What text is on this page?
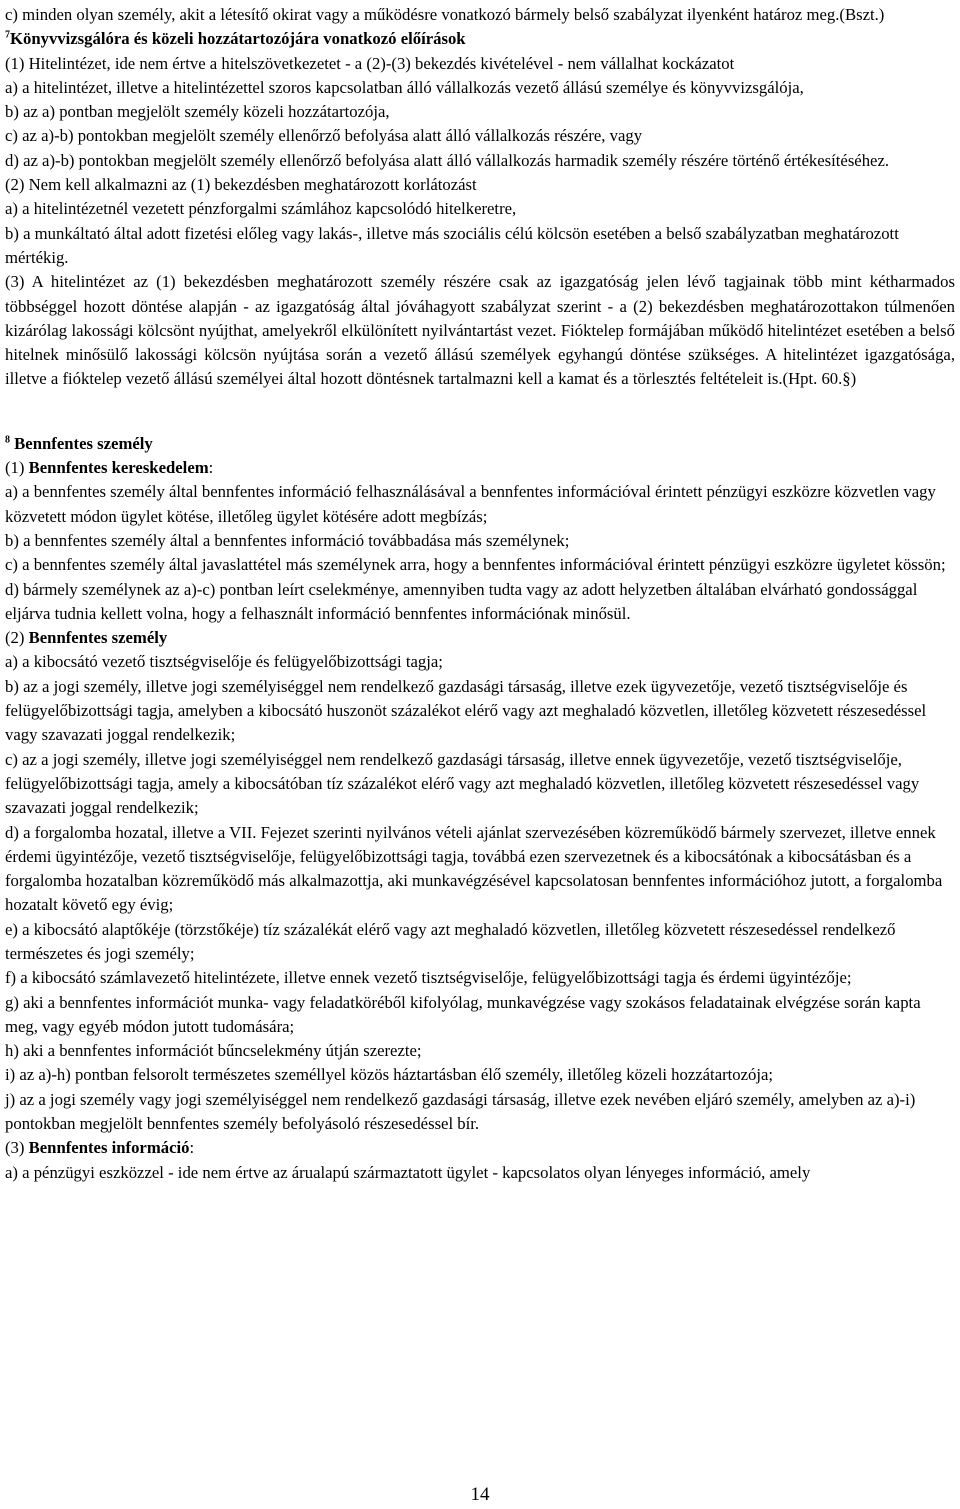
c) minden olyan személy, akit a létesítő okirat vagy a működésre vonatkozó bármely belső szabályzat ilyenként határoz meg.(Bszt.)

$^7$Könyvvizsgálóra és közeli hozzátartozójára vonatkozó előírások

(1) Hitelintézet, ide nem értve a hitelszövetkezetet - a (2)-(3) bekezdés kivételével - nem vállalhat kockázatot

a) a hitelintézet, illetve a hitelintézettel szoros kapcsolatban álló vállalkozás vezető állású személye és könyvvizsgálója,

b) az a) pontban megjelölt személy közeli hozzátartozója,

c) az a)-b) pontokban megjelölt személy ellenőrző befolyása alatt álló vállalkozás részére, vagy

d) az a)-b) pontokban megjelölt személy ellenőrző befolyása alatt álló vállalkozás harmadik személy részére történő értékesítéséhez.

(2) Nem kell alkalmazni az (1) bekezdésben meghatározott korlátozást

a) a hitelintézetnél vezetett pénzforgalmi számlához kapcsolódó hitelkeretre,

b) a munkáltató által adott fizetési előleg vagy lakás-, illetve más szociális célú kölcsön esetében a belső szabályzatban meghatározott mértékig.

(3) A hitelintézet az (1) bekezdésben meghatározott személy részére csak az igazgatóság jelen lévő tagjainak több mint kétharmados többséggel hozott döntése alapján - az igazgatóság által jóváhagyott szabályzat szerint - a (2) bekezdésben meghatározottakon túlmenően kizárólag lakossági kölcsönt nyújthat, amelyekről elkülönített nyilvántartást vezet. Fióktelep formájában működő hitelintézet esetében a belső hitelnek minősülő lakossági kölcsön nyújtása során a vezető állású személyek egyhangú döntése szükséges. A hitelintézet igazgatósága, illetve a fióktelep vezető állású személyei által hozott döntésnek tartalmazni kell a kamat és a törlesztés feltételeit is.(Hpt. 60.§)

$^8$ Bennfentes személy

(1) Bennfentes kereskedelem:

a) a bennfentes személy által bennfentes információ felhasználásával a bennfentes információval érintett pénzügyi eszközre közvetlen vagy közvetett módon ügylet kötése, illetőleg ügylet kötésére adott megbízás;

b) a bennfentes személy által a bennfentes információ továbbadása más személynek;

c) a bennfentes személy által javaslattétel más személynek arra, hogy a bennfentes információval érintett pénzügyi eszközre ügyletet kössön;

d) bármely személynek az a)-c) pontban leírt cselekménye, amennyiben tudta vagy az adott helyzetben általában elvárható gondossággal eljárva tudnia kellett volna, hogy a felhasznált információ bennfentes információnak minősül.

(2) Bennfentes személy

a) a kibocsátó vezető tisztségviselője és felügyelőbizottsági tagja;

b) az a jogi személy, illetve jogi személyiséggel nem rendelkező gazdasági társaság, illetve ezek ügyvezetője, vezető tisztségviselője és felügyelőbizottsági tagja, amelyben a kibocsátó huszonöt százalékot elérő vagy azt meghaladó közvetlen, illetőleg közvetett részesedéssel vagy szavazati joggal rendelkezik;

c) az a jogi személy, illetve jogi személyiséggel nem rendelkező gazdasági társaság, illetve ennek ügyvezetője, vezető tisztségviselője, felügyelőbizottsági tagja, amely a kibocsátóban tíz százalékot elérő vagy azt meghaladó közvetlen, illetőleg közvetett részesedéssel vagy szavazati joggal rendelkezik;

d) a forgalomba hozatal, illetve a VII. Fejezet szerinti nyilvános vételi ajánlat szervezésében közreműködő bármely szervezet, illetve ennek érdemi ügyintézője, vezető tisztségviselője, felügyelőbizottsági tagja, továbbá ezen szervezetnek és a kibocsátónak a kibocsátásban és a forgalomba hozatalban közreműködő más alkalmazottja, aki munkavégzésével kapcsolatosan bennfentes információhoz jutott, a forgalomba hozatalt követő egy évig;

e) a kibocsátó alaptőkéje (törzstőkéje) tíz százalékát elérő vagy azt meghaladó közvetlen, illetőleg közvetett részesedéssel rendelkező természetes és jogi személy;

f) a kibocsátó számlavezető hitelintézete, illetve ennek vezető tisztségviselője, felügyelőbizottsági tagja és érdemi ügyintézője;

g) aki a bennfentes információt munka- vagy feladatköréből kifolyólag, munkavégzése vagy szokásos feladatainak elvégzése során kapta meg, vagy egyéb módon jutott tudomására;

h) aki a bennfentes információt bűncselekmény útján szerezte;

i) az a)-h) pontban felsorolt természetes személlyel közös háztartásban élő személy, illetőleg közeli hozzátartozója;

j) az a jogi személy vagy jogi személyiséggel nem rendelkező gazdasági társaság, illetve ezek nevében eljáró személy, amelyben az a)-i) pontokban megjelölt bennfentes személy befolyásoló részesedéssel bír.

(3) Bennfentes információ:

a) a pénzügyi eszközzel - ide nem értve az árualapú származtatott ügylet - kapcsolatos olyan lényeges információ, amely

14
